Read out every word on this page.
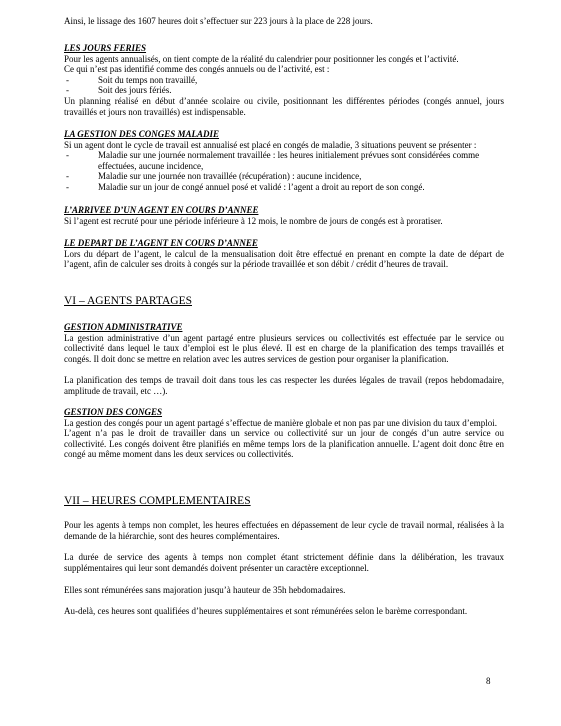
Ainsi, le lissage des 1607 heures doit s’effectuer sur 223 jours à la place de 228 jours.

LES JOURS FERIES
Pour les agents annualisés, on tient compte de la réalité du calendrier pour positionner les congés et l’activité.
Ce qui n’est pas identifié comme des congés annuels ou de l’activité, est :
- Soit du temps non travaillé,
- Soit des jours fériés.
Un planning réalisé en début d’année scolaire ou civile, positionnant les différentes périodes (congés annuel, jours travaillés et jours non travaillés) est indispensable.
LA GESTION DES CONGES MALADIE
Si un agent dont le cycle de travail est annualisé est placé en congés de maladie, 3 situations peuvent se présenter :
- Maladie sur une journée normalement travaillée : les heures initialement prévues sont considérées comme effectuées, aucune incidence,
- Maladie sur une journée non travaillée (récupération) : aucune incidence,
- Maladie sur un jour de congé annuel posé et validé : l’agent a droit au report de son congé.
L’ARRIVEE D’UN AGENT EN COURS D’ANNEE
Si l’agent est recruté pour une période inférieure à 12 mois, le nombre de jours de congés est à proratiser.
LE DEPART DE L’AGENT EN COURS D’ANNEE
Lors du départ de l’agent, le calcul de la mensualisation doit être effectué en prenant en compte la date de départ de l’agent, afin de calculer ses droits à congés sur la période travaillée et son débit / crédit d’heures de travail.
VI – AGENTS PARTAGES
GESTION ADMINISTRATIVE
La gestion administrative d’un agent partagé entre plusieurs services ou collectivités est effectuée par le service ou collectivité dans lequel le taux d’emploi est le plus élevé. Il est en charge de la planification des temps travaillés et congés. Il doit donc se mettre en relation avec les autres services de gestion pour organiser la planification.

La planification des temps de travail doit dans tous les cas respecter les durées légales de travail (repos hebdomadaire, amplitude de travail, etc …).

GESTION DES CONGES
La gestion des congés pour un agent partagé s’effectue de manière globale et non pas par une division du taux d’emploi.
L’agent n’a pas le droit de travailler dans un service ou collectivité sur un jour de congés d’un autre service ou collectivité. Les congés doivent être planifiés en même temps lors de la planification annuelle. L’agent doit donc être en congé au même moment dans les deux services ou collectivités.
VII – HEURES COMPLEMENTAIRES

Pour les agents à temps non complet, les heures effectuées en dépassement de leur cycle de travail normal, réalisées à la demande de la hiérarchie, sont des heures complémentaires.

La durée de service des agents à temps non complet étant strictement définie dans la délibération, les travaux supplémentaires qui leur sont demandés doivent présenter un caractère exceptionnel.

Elles sont rémunérées sans majoration jusqu’à hauteur de 35h hebdomadaires.

Au-delà, ces heures sont qualifiées d’heures supplémentaires et sont rémunérées selon le barème correspondant.

8
